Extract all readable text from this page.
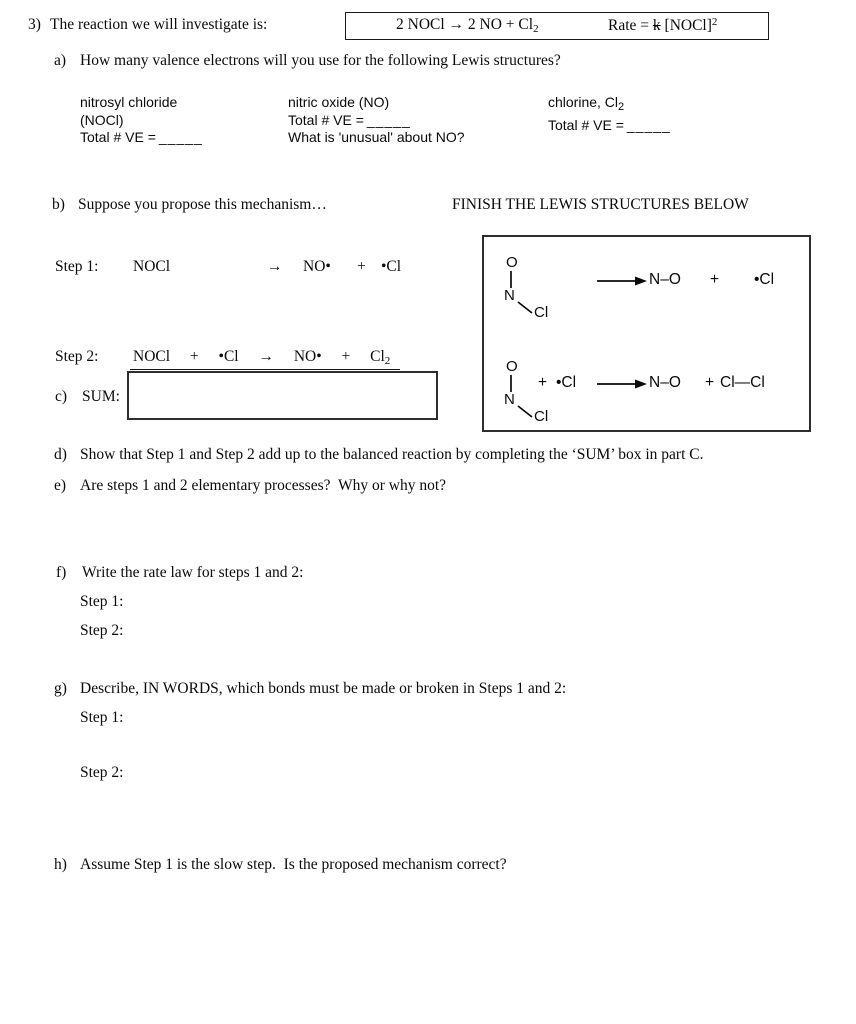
3) The reaction we will investigate is:	2 NOCl → 2 NO + $Cl_2$	Rate = k [NOCl]$^2$
a) How many valence electrons will you use for the following Lewis structures?
nitrosyl chloride
(NOCl)
Total # VE = _____
nitric oxide (NO)
Total # VE = _____
What is 'unusual' about NO?
chlorine, $Cl_2$
Total # VE = _____
b) Suppose you propose this mechanism…	FINISH THE LEWIS STRUCTURES BELOW
Step 1: NOCl	→ NO• + •Cl
Step 2: NOCl + •Cl → NO• + $Cl_2$
c) SUM:
O
N
Cl
N–O + •Cl
O
N
Cl
+ •Cl	N–O + Cl—Cl
d) Show that Step 1 and Step 2 add up to the balanced reaction by completing the ‘SUM’ box in part C.
e) Are steps 1 and 2 elementary processes?  Why or why not?
f) Write the rate law for steps 1 and 2:
Step 1:
Step 2:
g) Describe, IN WORDS, which bonds must be made or broken in Steps 1 and 2:
Step 1:
Step 2:
h) Assume Step 1 is the slow step.  Is the proposed mechanism correct?
